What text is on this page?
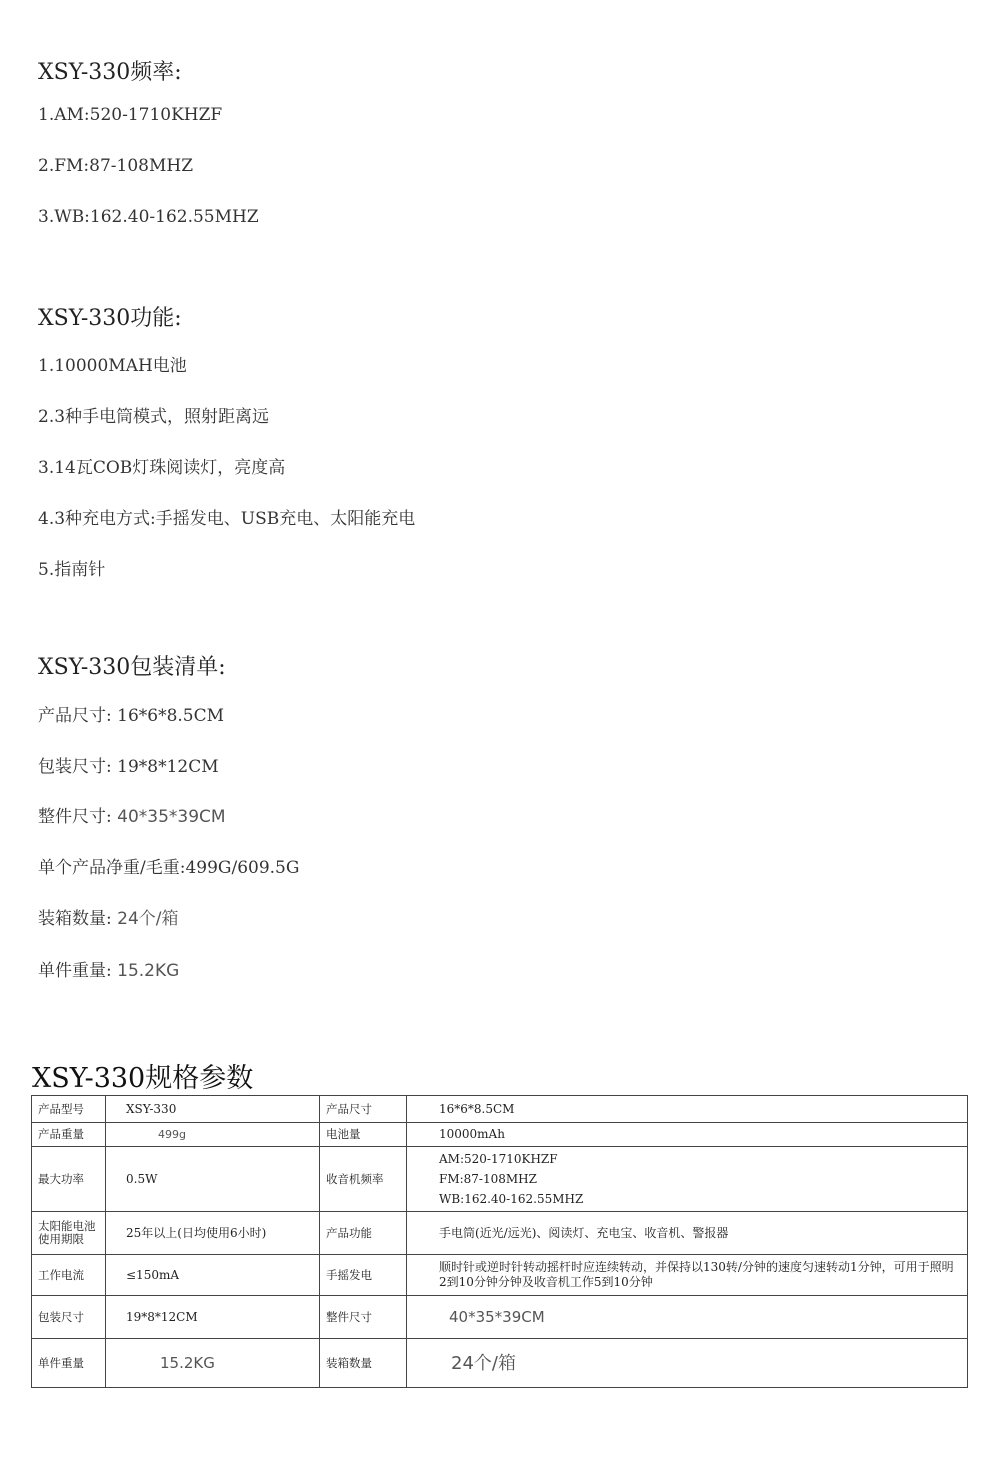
XSY-330频率:
1.AM:520-1710KHZF
2.FM:87-108MHZ
3.WB:162.40-162.55MHZ
XSY-330功能:
1.10000MAH电池
2.3种手电筒模式，照射距离远
3.14瓦COB灯珠阅读灯，亮度高
4.3种充电方式:手摇发电、USB充电、太阳能充电
5.指南针
XSY-330包装清单:
产品尺寸: 16*6*8.5CM
包装尺寸: 19*8*12CM
整件尺寸: 40*35*39CM
单个产品净重/毛重:499G/609.5G
装箱数量: 24个/箱
单件重量: 15.2KG
XSY-330规格参数
产品型号	XSY-330	产品尺寸	16*6*8.5CM
产品重量	499g	电池量	10000mAh
最大功率	0.5W	收音机频率	AM:520-1710KHZF
FM:87-108MHZ
WB:162.40-162.55MHZ

太阳能电池使用期限	25年以上(日均使用6小时)	产品功能	手电筒(近光/远光)、阅读灯、充电宝、收音机、警报器
工作电流	≤150mA	手摇发电	顺时针或逆时针转动摇杆时应连续转动，并保持以130转/分钟的速度匀速转动1分钟，可用于照明2到10分钟分钟及收音机工作5到10分钟
包装尺寸	19*8*12CM	整件尺寸	40*35*39CM
单件重量	15.2KG	装箱数量	24个/箱
